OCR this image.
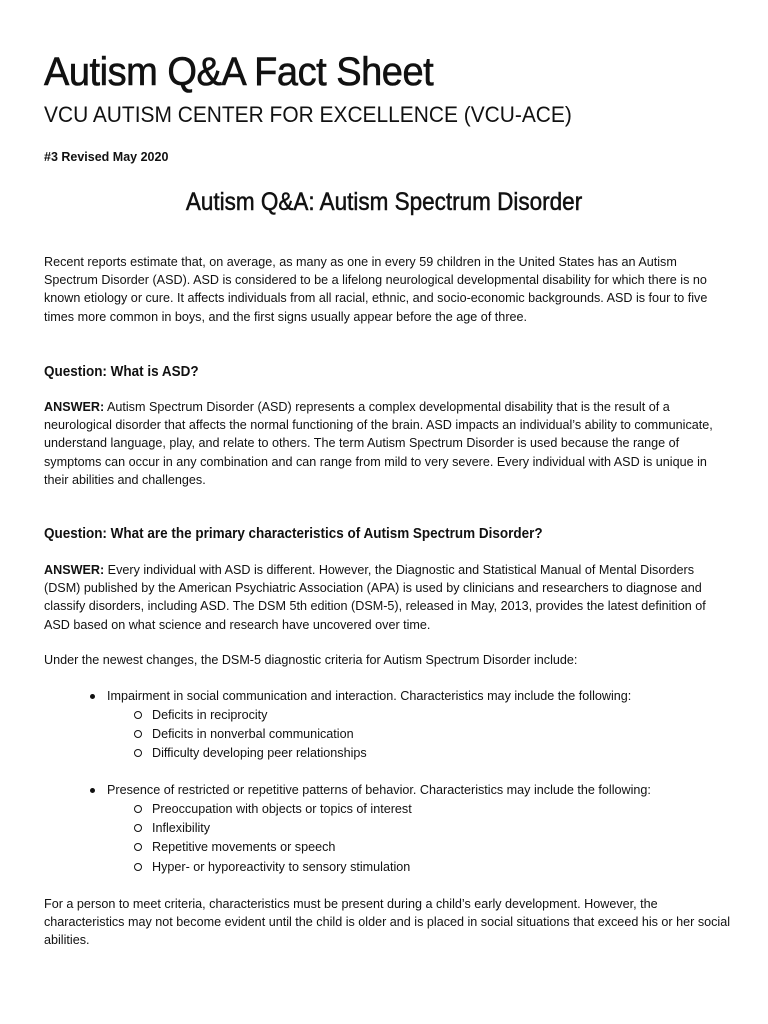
Autism Q&A Fact Sheet
VCU AUTISM CENTER FOR EXCELLENCE (VCU-ACE)
#3 Revised May 2020
Autism Q&A: Autism Spectrum Disorder

Recent reports estimate that, on average, as many as one in every 59 children in the United States has an Autism Spectrum Disorder (ASD). ASD is considered to be a lifelong neurological developmental disability for which there is no known etiology or cure. It affects individuals from all racial, ethnic, and socio-economic backgrounds. ASD is four to five times more common in boys, and the first signs usually appear before the age of three.

Question: What is ASD?

ANSWER: Autism Spectrum Disorder (ASD) represents a complex developmental disability that is the result of a neurological disorder that affects the normal functioning of the brain. ASD impacts an individual’s ability to communicate, understand language, play, and relate to others. The term Autism Spectrum Disorder is used because the range of symptoms can occur in any combination and can range from mild to very severe. Every individual with ASD is unique in their abilities and challenges.

Question: What are the primary characteristics of Autism Spectrum Disorder?

ANSWER: Every individual with ASD is different. However, the Diagnostic and Statistical Manual of Mental Disorders (DSM) published by the American Psychiatric Association (APA) is used by clinicians and researchers to diagnose and classify disorders, including ASD. The DSM 5th edition (DSM-5), released in May, 2013, provides the latest definition of ASD based on what science and research have uncovered over time.

Under the newest changes, the DSM-5 diagnostic criteria for Autism Spectrum Disorder include:

Impairment in social communication and interaction. Characteristics may include the following:
Deficits in reciprocity
Deficits in nonverbal communication
Difficulty developing peer relationships
Presence of restricted or repetitive patterns of behavior. Characteristics may include the following:
Preoccupation with objects or topics of interest
Inflexibility
Repetitive movements or speech
Hyper- or hyporeactivity to sensory stimulation

For a person to meet criteria, characteristics must be present during a child’s early development. However, the characteristics may not become evident until the child is older and is placed in social situations that exceed his or her social abilities.
